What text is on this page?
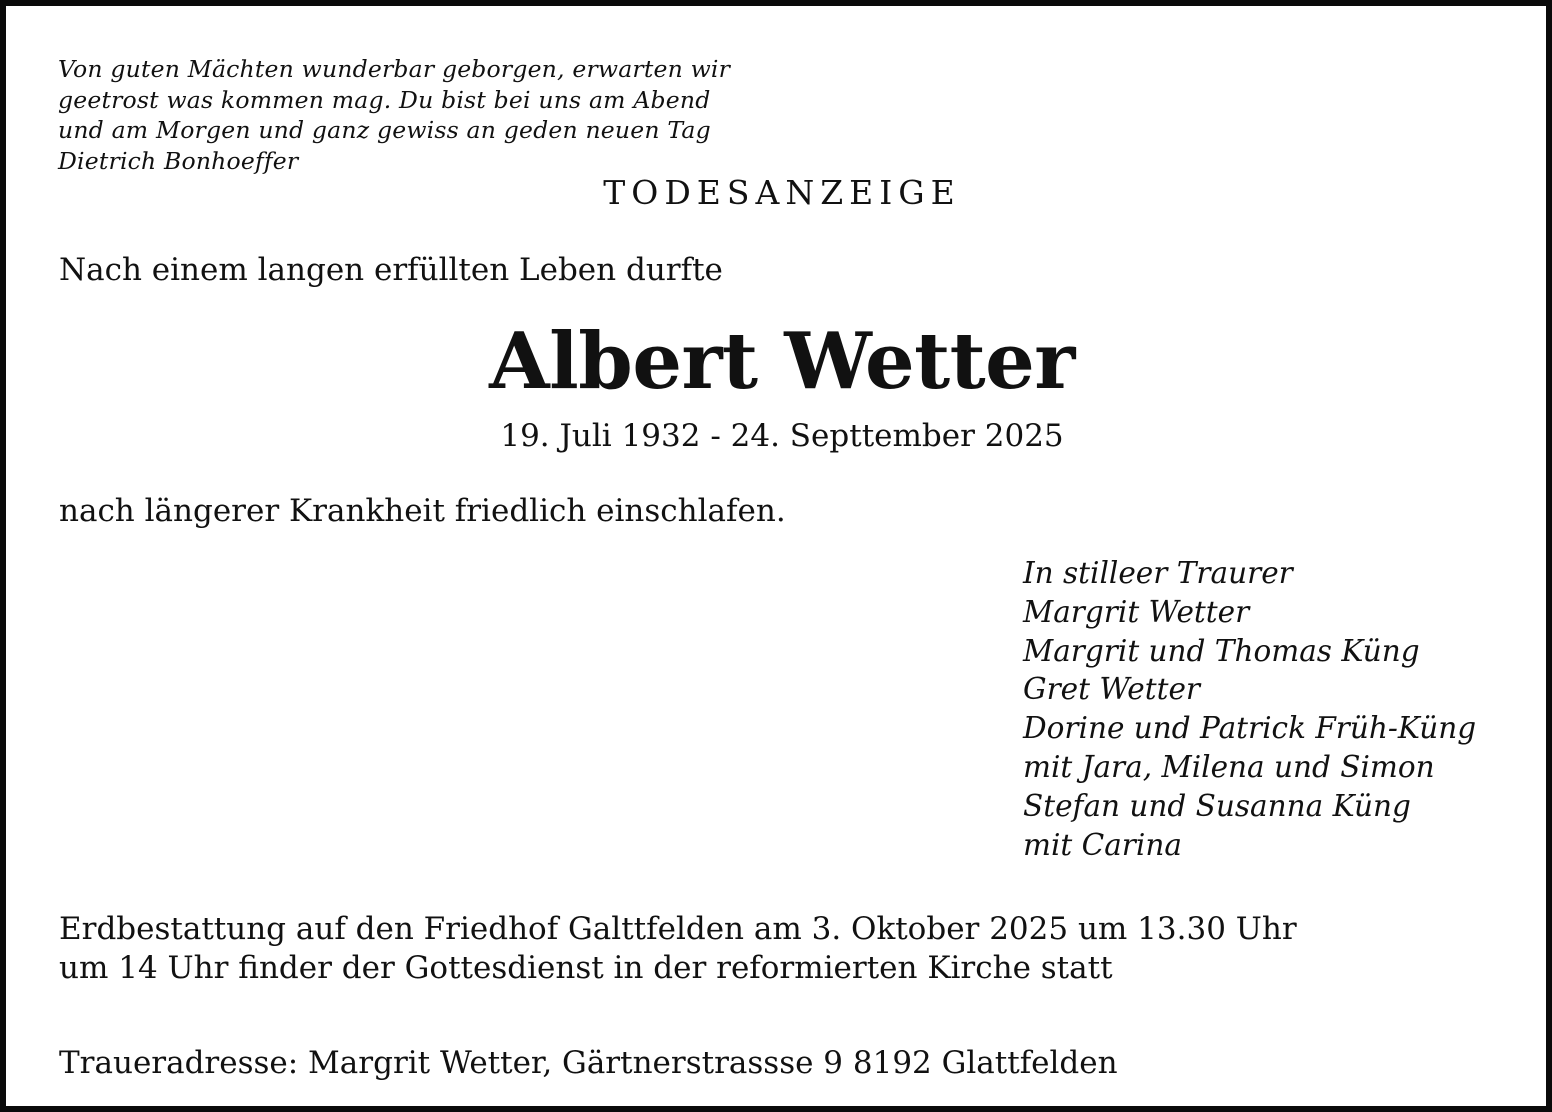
Von guten Mächten wunderbar geborgen, erwarten wir
geetrost was kommen mag. Du bist bei uns am Abend
und am Morgen und ganz gewiss an geden neuen Tag
Dietrich Bonhoeffer
TODESANZEIGE
Nach einem langen erfüllten Leben durfte
Albert Wetter
19. Juli 1932 - 24. Septtember 2025
nach längerer Krankheit friedlich einschlafen.
In stilleer Traurer
Margrit Wetter
Margrit und Thomas Küng
Gret Wetter
Dorine und Patrick Früh-Küng
mit Jara, Milena und Simon
Stefan und Susanna Küng
mit Carina
Erdbestattung auf den Friedhof Galttfelden am 3. Oktober 2025 um 13.30 Uhr
um 14 Uhr finder der Gottesdienst in der reformierten Kirche statt
Traueradresse: Margrit Wetter, Gärtnerstrassse 9 8192 Glattfelden
